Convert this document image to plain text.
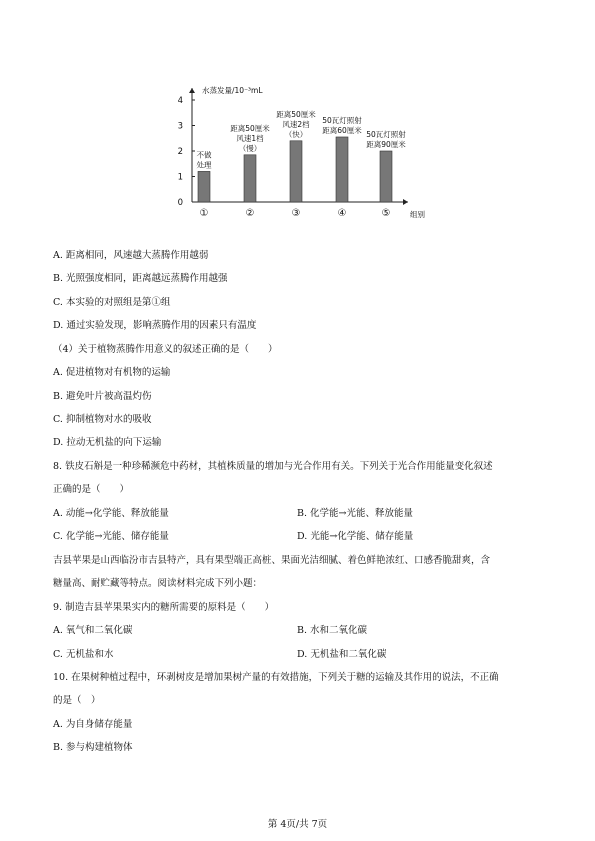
0
1
2
3
4
水蒸发量/10⁻³mL
组别
①
不做
处理
②
距离50厘米
风速1档
（慢）
③
距离50厘米
风速2档
（快）
④
50瓦灯照射
距离60厘米
⑤
50瓦灯照射
距离90厘米
A. 距离相同，风速越大蒸腾作用越弱
B. 光照强度相同，距离越远蒸腾作用越强
C. 本实验的对照组是第①组
D. 通过实验发现，影响蒸腾作用的因素只有温度
（4）关于植物蒸腾作用意义的叙述正确的是（　　）
A. 促进植物对有机物的运输
B. 避免叶片被高温灼伤
C. 抑制植物对水的吸收
D. 拉动无机盐的向下运输
8. 铁皮石斛是一种珍稀濒危中药材，其植株质量的增加与光合作用有关。下列关于光合作用能量变化叙述
正确的是（　　）
A. 动能→化学能、释放能量	B. 化学能→光能、释放能量
C. 化学能→光能、储存能量	D. 光能→化学能、储存能量
吉县苹果是山西临汾市吉县特产，具有果型端正高桩、果面光洁细腻、着色鲜艳浓红、口感香脆甜爽，含
糖量高、耐贮藏等特点。阅读材料完成下列小题：
9. 制造吉县苹果果实内的糖所需要的原料是（　　）
A. 氧气和二氧化碳	B. 水和二氧化碳
C. 无机盐和水	D. 无机盐和二氧化碳
10. 在果树种植过程中，环剥树皮是增加果树产量的有效措施，下列关于糖的运输及其作用的说法，不正确
的是（　）
A. 为自身储存能量
B. 参与构建植物体
第 4页/共 7页
